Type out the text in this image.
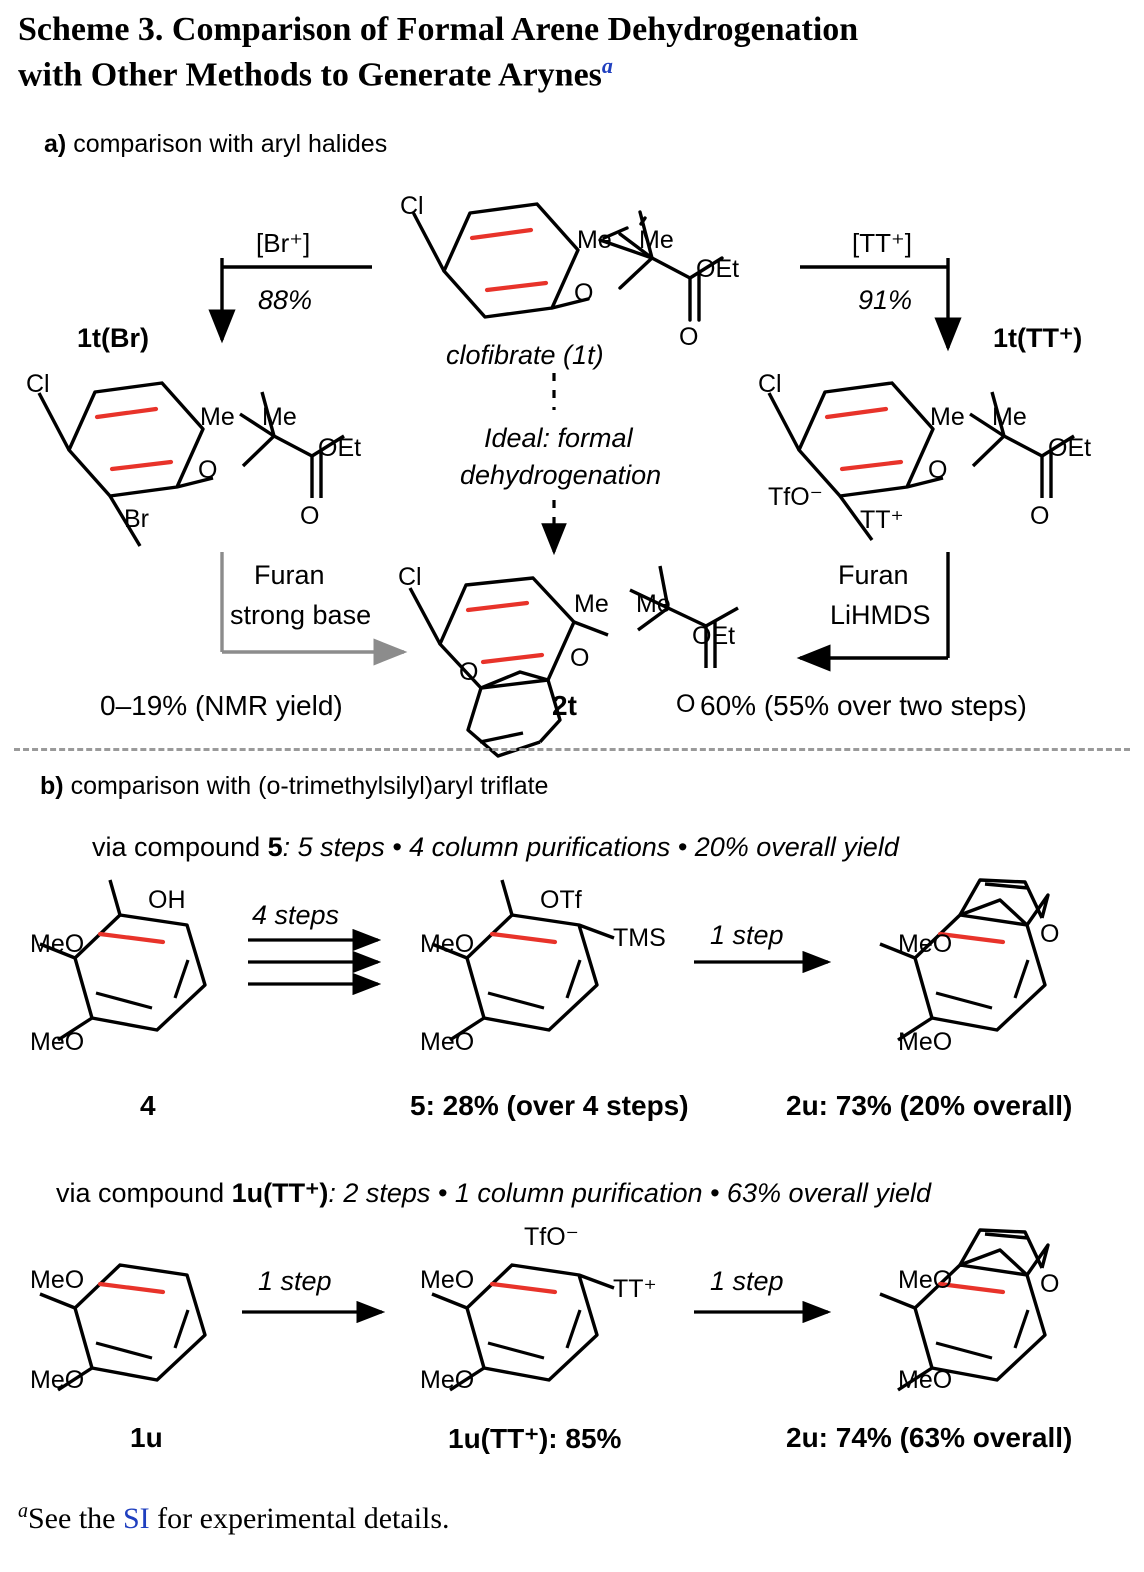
Scheme 3. Comparison of Formal Arene Dehydrogenation
with Other Methods to Generate Arynes$^a$
a) comparison with aryl halides
[Br⁺]
88%
[TT⁺]
91%
clofibrate (1t)
Ideal: formal
dehydrogenation
1t(Br)	1t(TT⁺)
Furan
strong base
Furan
LiHMDS
0–19% (NMR yield)	60% (55% over two steps)
2t
Cl
Me Me
OEt
O
O
Cl
Br
Me Me
OEt
O
O
Cl
TfO⁻
TT⁺
Me Me
OEt
O
O
Cl
Me Me
OEt
O
O
O
b) comparison with (o-trimethylsilyl)aryl triflate
via compound 5: 5 steps • 4 column purifications • 20% overall yield
MeO
MeO
OH 4 steps
4
MeO
MeO
OTf
TMS 1 step
5: 28% (over 4 steps)
MeO
MeO
O
2u: 73% (20% overall)
via compound 1u(TT⁺): 2 steps • 1 column purification • 63% overall yield
MeO
MeO
1 step
1u
MeO
MeO
TfO⁻
TT⁺ 1 step
1u(TT⁺): 85%
MeO
MeO
O
2u: 74% (63% overall)
$^a$See the SI for experimental details.
